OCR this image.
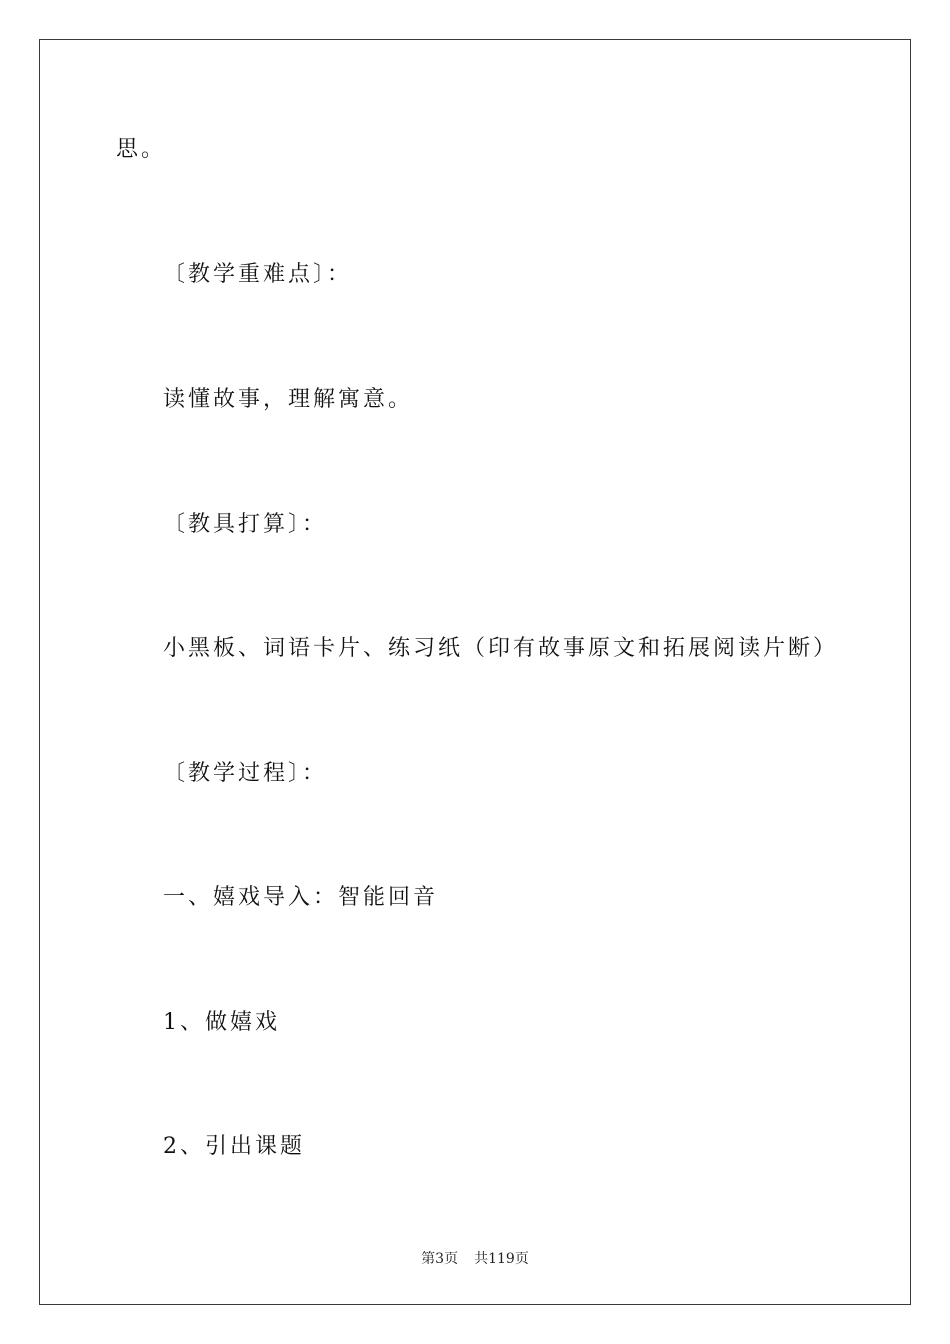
思。
〔教学重难点〕：
读懂故事，理解寓意。
〔教具打算〕：
小黑板、词语卡片、练习纸（印有故事原文和拓展阅读片断）
〔教学过程〕：
一、嬉戏导入：智能回音
1、做嬉戏
2、引出课题
第3页 共119页
